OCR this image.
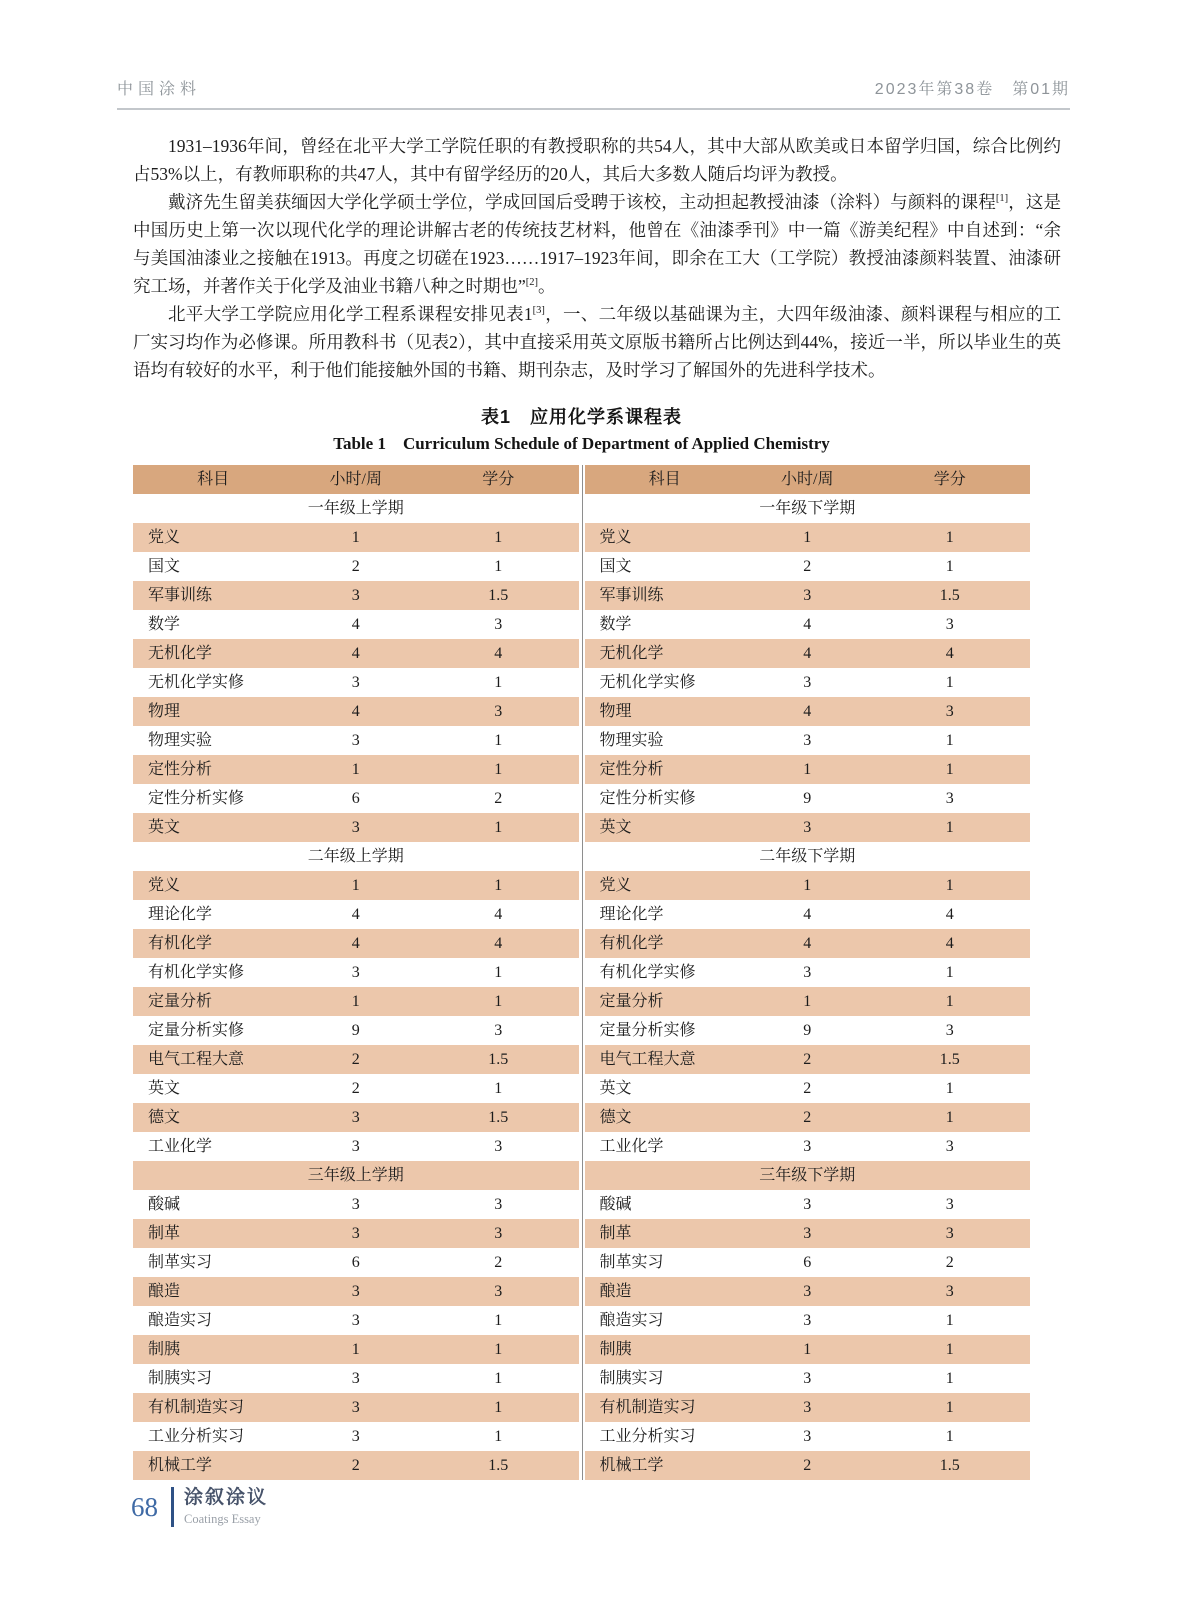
中国涂料	2023年第38卷　第01期

1931–1936年间，曾经在北平大学工学院任职的有教授职称的共54人，其中大部从欧美或日本留学归国，综合比例约占53%以上，有教师职称的共47人，其中有留学经历的20人，其后大多数人随后均评为教授。

戴济先生留美获缅因大学化学硕士学位，学成回国后受聘于该校，主动担起教授油漆（涂料）与颜料的课程[1]，这是中国历史上第一次以现代化学的理论讲解古老的传统技艺材料，他曾在《油漆季刊》中一篇《游美纪程》中自述到：“余与美国油漆业之接触在1913。再度之切磋在1923……1917–1923年间，即余在工大（工学院）教授油漆颜料装置、油漆研究工场，并著作关于化学及油业书籍八种之时期也”[2]。

北平大学工学院应用化学工程系课程安排见表1[3]，一、二年级以基础课为主，大四年级油漆、颜料课程与相应的工厂实习均作为必修课。所用教科书（见表2），其中直接采用英文原版书籍所占比例达到44%，接近一半，所以毕业生的英语均有较好的水平，利于他们能接触外国的书籍、期刊杂志，及时学习了解国外的先进科学技术。

表1　应用化学系课程表
Table 1　Curriculum Schedule of Department of Applied Chemistry
科目	小时/周	学分	科目	小时/周	学分
一年级上学期	一年级下学期
党义	1	1	党义	1	1
国文	2	1	国文	2	1
军事训练	3	1.5	军事训练	3	1.5
数学	4	3	数学	4	3
无机化学	4	4	无机化学	4	4
无机化学实修	3	1	无机化学实修	3	1
物理	4	3	物理	4	3
物理实验	3	1	物理实验	3	1
定性分析	1	1	定性分析	1	1
定性分析实修	6	2	定性分析实修	9	3
英文	3	1	英文	3	1
二年级上学期	二年级下学期
党义	1	1	党义	1	1
理论化学	4	4	理论化学	4	4
有机化学	4	4	有机化学	4	4
有机化学实修	3	1	有机化学实修	3	1
定量分析	1	1	定量分析	1	1
定量分析实修	9	3	定量分析实修	9	3
电气工程大意	2	1.5	电气工程大意	2	1.5
英文	2	1	英文	2	1
德文	3	1.5	德文	2	1
工业化学	3	3	工业化学	3	3
三年级上学期	三年级下学期
酸碱	3	3	酸碱	3	3
制革	3	3	制革	3	3
制革实习	6	2	制革实习	6	2
酿造	3	3	酿造	3	3
酿造实习	3	1	酿造实习	3	1
制胰	1	1	制胰	1	1
制胰实习	3	1	制胰实习	3	1
有机制造实习	3	1	有机制造实习	3	1
工业分析实习	3	1	工业分析实习	3	1
机械工学	2	1.5	机械工学	2	1.5
68 涂叙涂议
Coatings Essay
